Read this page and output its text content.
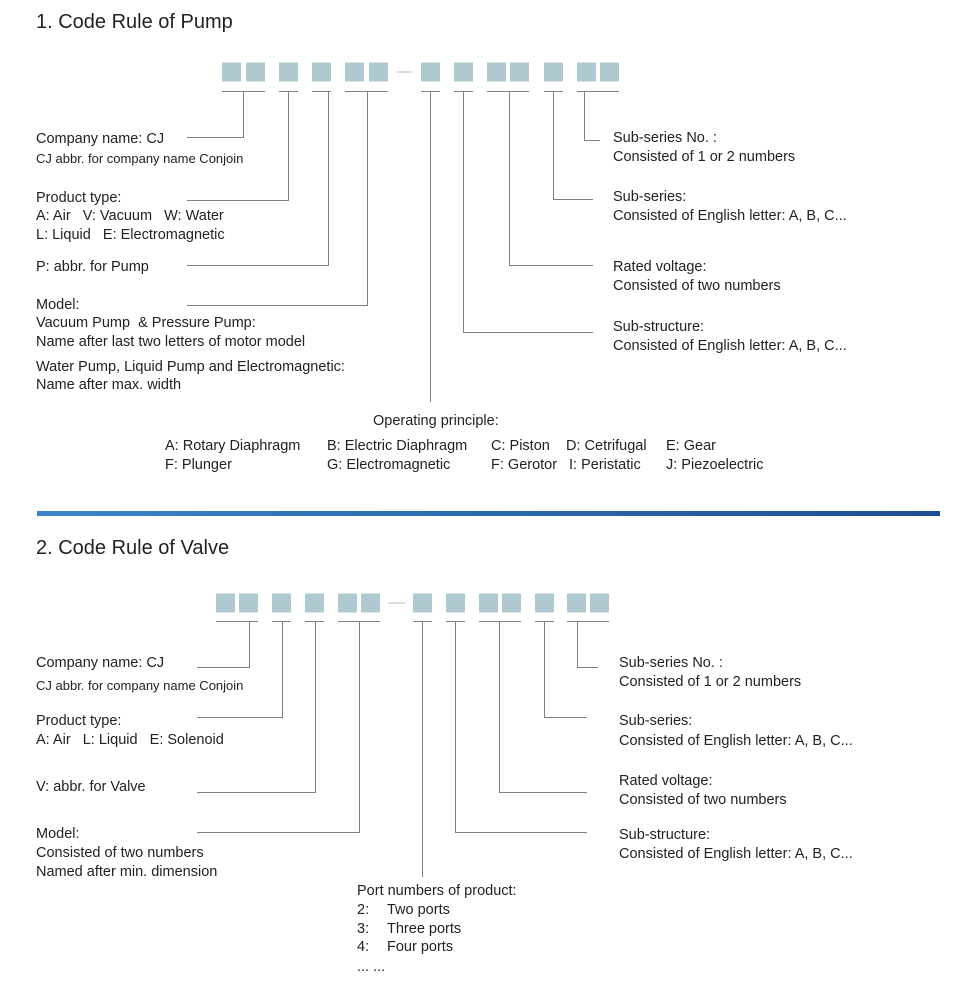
1. Code Rule of Pump
Company name: CJ
CJ abbr. for company name Conjoin
Product type:
A: Air   V: Vacuum   W: Water
L: Liquid   E: Electromagnetic
P: abbr. for Pump
Model:
Vacuum Pump  & Pressure Pump:
Name after last two letters of motor model
Water Pump, Liquid Pump and Electromagnetic:
Name after max. width
Sub-series No. :
Consisted of 1 or 2 numbers
Sub-series:
Consisted of English letter: A, B, C...
Rated voltage:
Consisted of two numbers
Sub-structure:
Consisted of English letter: A, B, C...
Operating principle:
A: Rotary Diaphragm B: Electric Diaphragm C: Piston D: Cetrifugal E: Gear
F: Plunger	G: Electromagnetic	F: Gerotor I: Peristatic J: Piezoelectric
2. Code Rule of Valve
Company name: CJ
CJ abbr. for company name Conjoin
Product type:
A: Air   L: Liquid   E: Solenoid
V: abbr. for Valve
Model:
Consisted of two numbers
Named after min. dimension
Sub-series No. :
Consisted of 1 or 2 numbers
Sub-series:
Consisted of English letter: A, B, C...
Rated voltage:
Consisted of two numbers
Sub-structure:
Consisted of English letter: A, B, C...
Port numbers of product:
2: Two ports
3: Three ports
4: Four ports
... ...
